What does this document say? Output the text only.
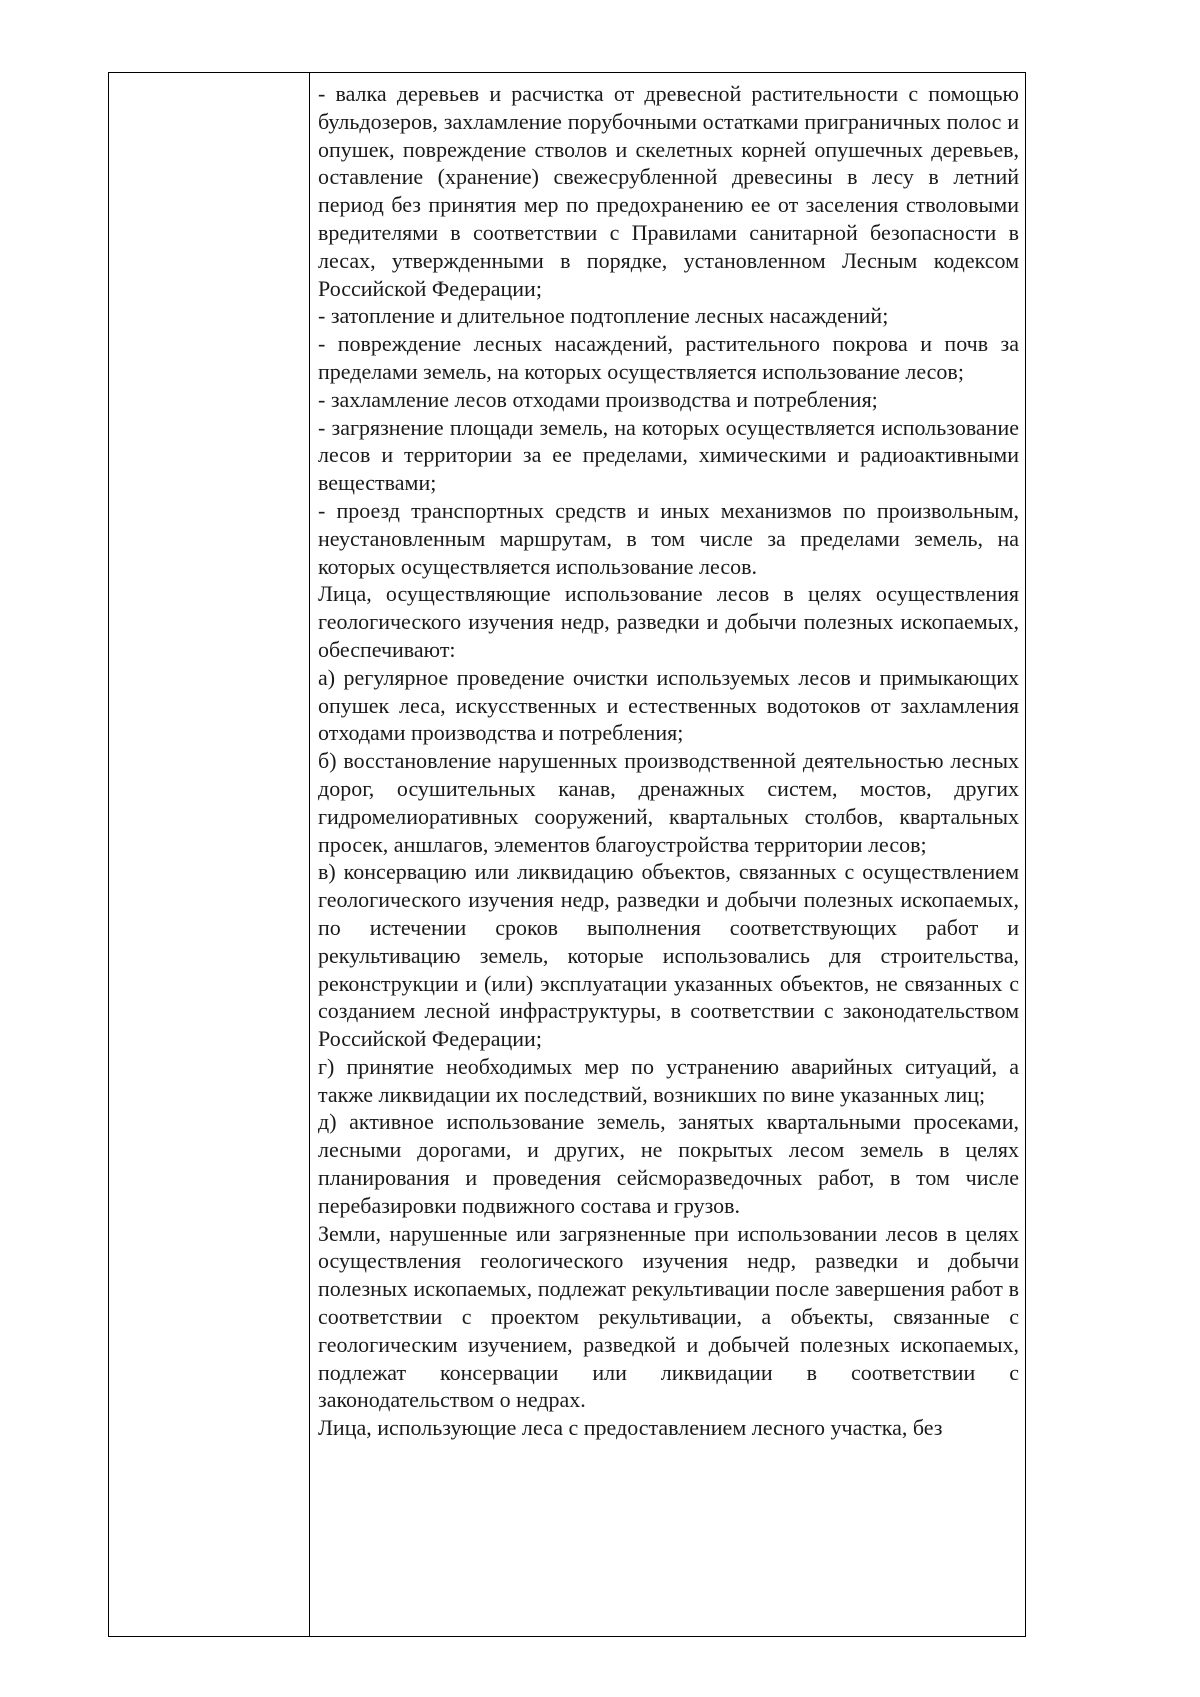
- валка деревьев и расчистка от древесной растительности с помощью бульдозеров, захламление порубочными остатками приграничных полос и опушек, повреждение стволов и скелетных корней опушечных деревьев, оставление (хранение) свежесрубленной древесины в лесу в летний период без принятия мер по предохранению ее от заселения стволовыми вредителями в соответствии с Правилами санитарной безопасности в лесах, утвержденными в порядке, установленном Лесным кодексом Российской Федерации;

- затопление и длительное подтопление лесных насаждений;

- повреждение лесных насаждений, растительного покрова и почв за пределами земель, на которых осуществляется использование лесов;

- захламление лесов отходами производства и потребления;

- загрязнение площади земель, на которых осуществляется использование лесов и территории за ее пределами, химическими и радиоактивными веществами;

- проезд транспортных средств и иных механизмов по произвольным, неустановленным маршрутам, в том числе за пределами земель, на которых осуществляется использование лесов.

Лица, осуществляющие использование лесов в целях осуществления геологического изучения недр, разведки и добычи полезных ископаемых, обеспечивают:

а) регулярное проведение очистки используемых лесов и примыкающих опушек леса, искусственных и естественных водотоков от захламления отходами производства и потребления;

б) восстановление нарушенных производственной деятельностью лесных дорог, осушительных канав, дренажных систем, мостов, других гидромелиоративных сооружений, квартальных столбов, квартальных просек, аншлагов, элементов благоустройства территории лесов;

в) консервацию или ликвидацию объектов, связанных с осуществлением геологического изучения недр, разведки и добычи полезных ископаемых, по истечении сроков выполнения соответствующих работ и рекультивацию земель, которые использовались для строительства, реконструкции и (или) эксплуатации указанных объектов, не связанных с созданием лесной инфраструктуры, в соответствии с законодательством Российской Федерации;

г) принятие необходимых мер по устранению аварийных ситуаций, а также ликвидации их последствий, возникших по вине указанных лиц;

д) активное использование земель, занятых квартальными просеками, лесными дорогами, и других, не покрытых лесом земель в целях планирования и проведения сейсморазведочных работ, в том числе перебазировки подвижного состава и грузов.

Земли, нарушенные или загрязненные при использовании лесов в целях осуществления геологического изучения недр, разведки и добычи полезных ископаемых, подлежат рекультивации после завершения работ в соответствии с проектом рекультивации, а объекты, связанные с геологическим изучением, разведкой и добычей полезных ископаемых, подлежат консервации или ликвидации в соответствии с законодательством о недрах.

Лица, использующие леса с предоставлением лесного участка, без
